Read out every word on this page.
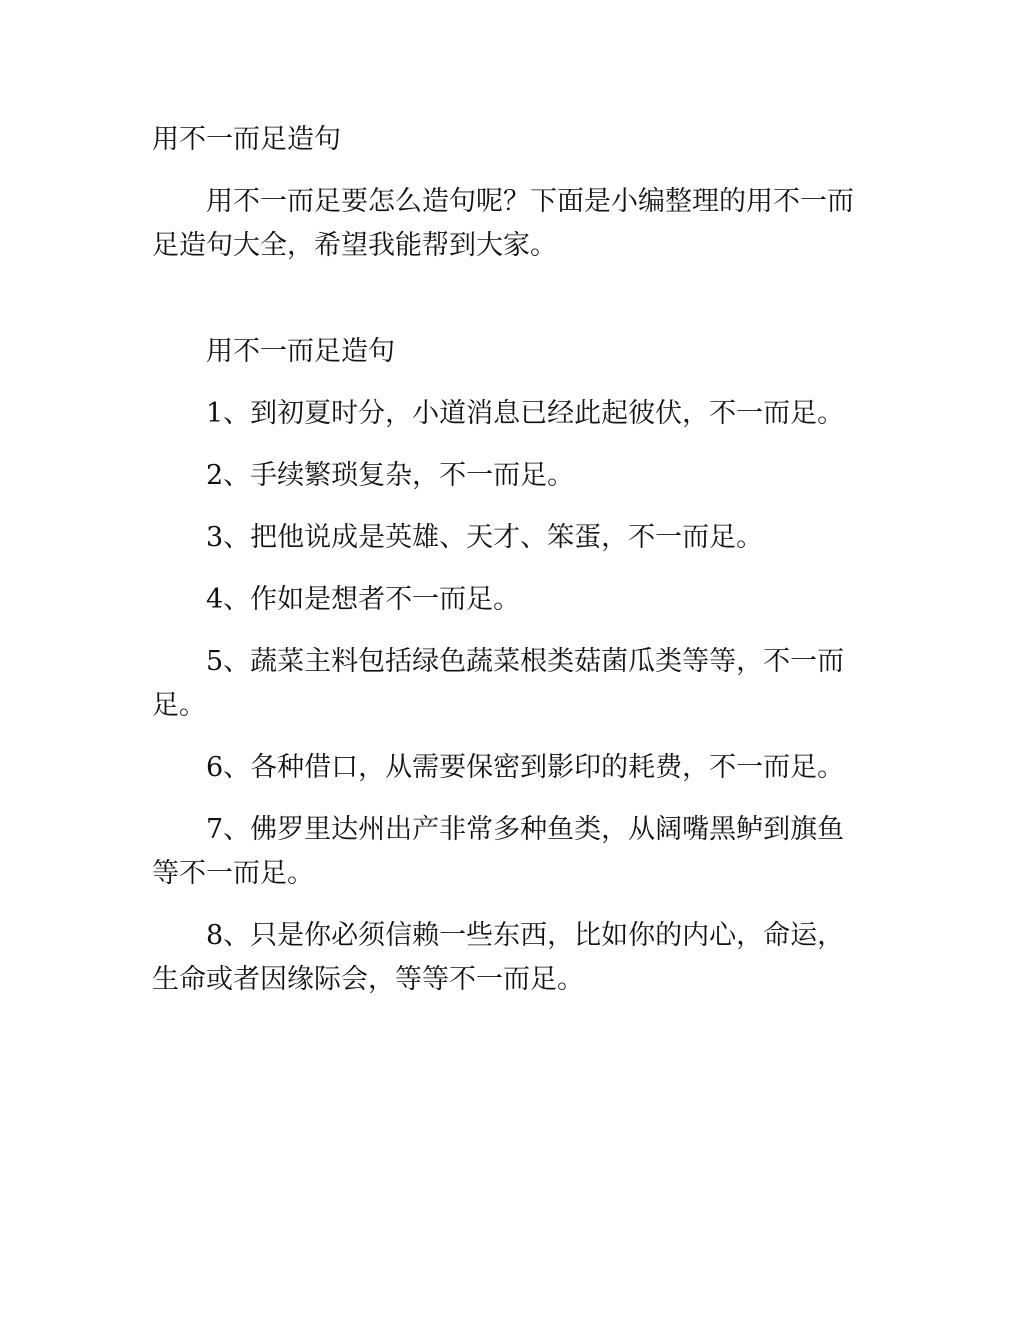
用不一而足造句

用不一而足要怎么造句呢？下面是小编整理的用不一而足造句大全，希望我能帮到大家。

用不一而足造句

1、到初夏时分，小道消息已经此起彼伏，不一而足。

2、手续繁琐复杂，不一而足。

3、把他说成是英雄、天才、笨蛋，不一而足。

4、作如是想者不一而足。

5、蔬菜主料包括绿色蔬菜根类菇菌瓜类等等，不一而足。

6、各种借口，从需要保密到影印的耗费，不一而足。

7、佛罗里达州出产非常多种鱼类，从阔嘴黑鲈到旗鱼等不一而足。

8、只是你必须信赖一些东西，比如你的内心，命运，生命或者因缘际会，等等不一而足。
